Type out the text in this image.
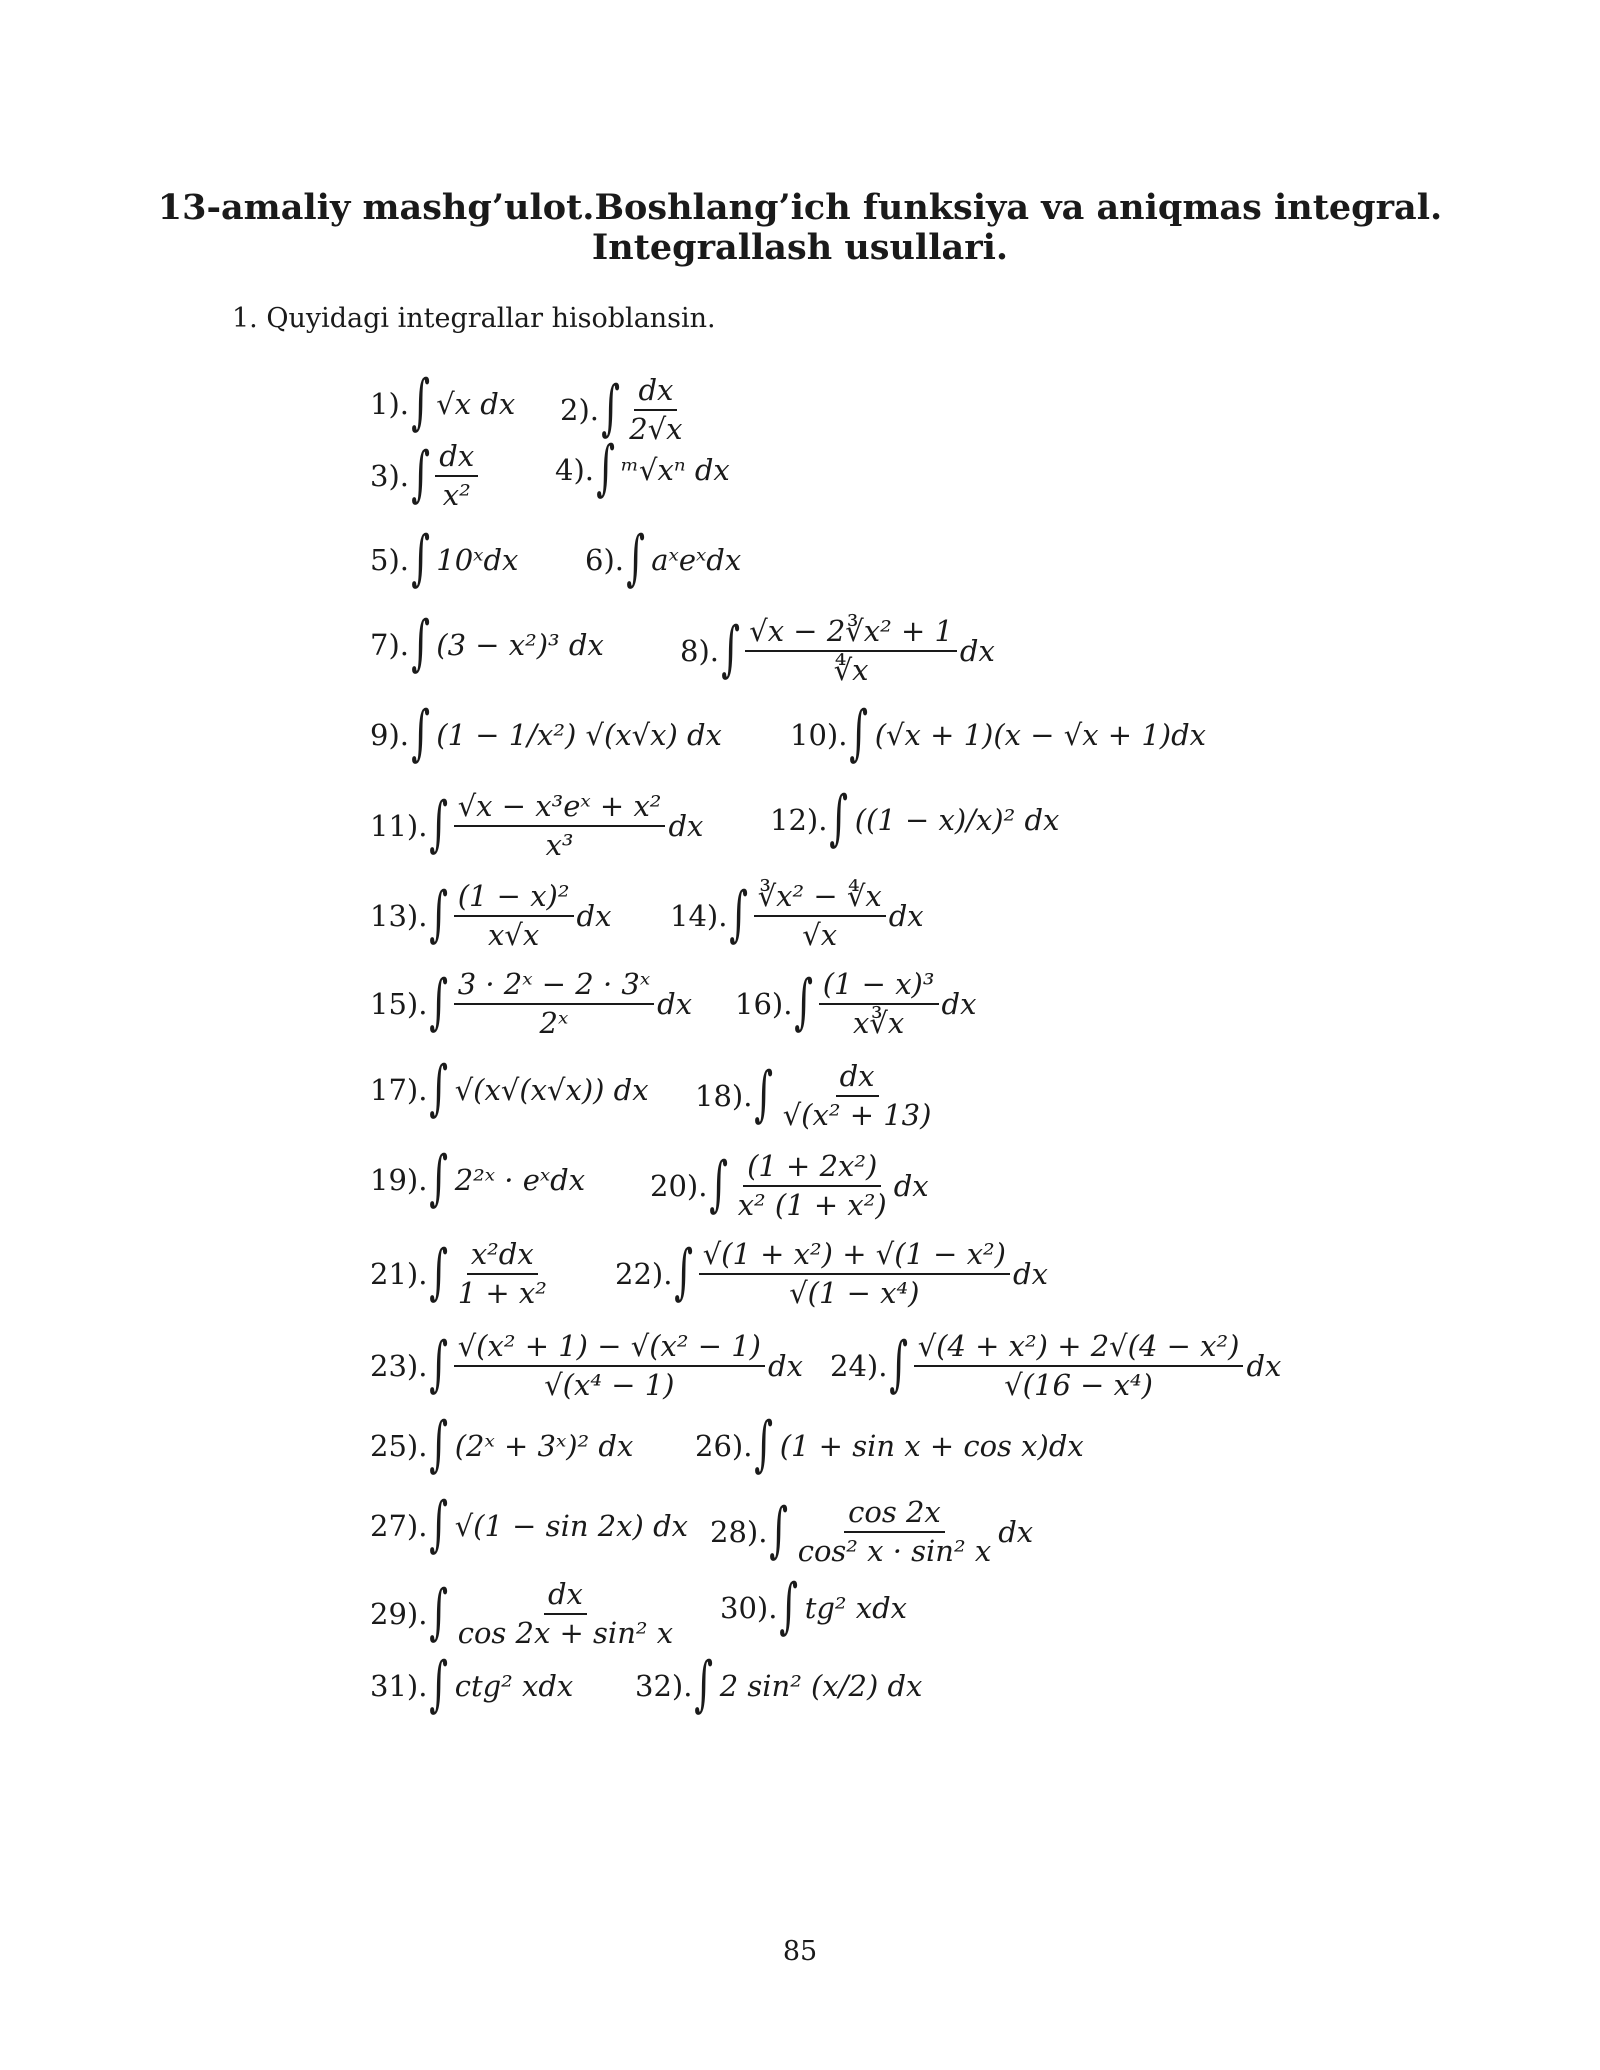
13-amaliy mashg’ulot.Boshlang’ich funksiya va aniqmas integral.
Integrallash usullari.
1. Quyidagi integrallar hisoblansin.
1). ∫ √x dx 2). ∫ $\frac{dx}{2√x}$
3). ∫ $\frac{dx}{\text{x²}}$	4). ∫ ᵐ√xⁿ dx
5). ∫ 10ˣdx 6). ∫ aˣeˣdx
7). ∫ (3 − x²)³ dx	8). ∫ $\frac{\text{√x − 2∛x² + 1}}{∜x}$ dx
9). ∫ (1 − 1/x²) √(x√x) dx 10). ∫ (√x + 1)(x − √x + 1)dx
11). ∫ $\frac{\text{√x − x³eˣ + x²}}{\text{x³}}$ dx 12). ∫ ((1 − x)/x)² dx
13). ∫ $\frac{\text{(1 − x)²}}{x√x}$ dx 14). ∫ $\frac{\text{∛x² − ∜x}}{√x}$ dx
15). ∫ $\frac{\text{3 · 2ˣ − 2 · 3ˣ}}{\text{2ˣ}}$ dx 16). ∫ $\frac{\text{(1 − x)³}}{x∛x}$ dx
17). ∫ √(x√(x√x)) dx 18). ∫ $\frac{dx}{\text{√(x² + 13)}}$
19). ∫ 2²ˣ · eˣdx 20). ∫ $\frac{\text{(1 + 2x²)}}{\text{x² (1 + x²)}}$ dx
21). ∫ $\frac{\text{x²dx}}{\text{1 + x²}} 22$). ∫ $\frac{\text{√(1 + x²) + √(1 − x²)}}{\text{√(1 − x⁴)}}$ dx
23). ∫ $\frac{\text{√(x² + 1) − √(x² − 1)}}{\text{√(x⁴ − 1)}}$ dx 24). ∫ $\frac{\text{√(4 + x²) + 2√(4 − x²)}}{\text{√(16 − x⁴)}}$ dx
25). ∫ (2ˣ + 3ˣ)² dx 26). ∫ (1 + sin x + cos x)dx
27). ∫ √(1 − sin 2x) dx 28). ∫ $\frac{\cos 2x}{\text{cos² x · sin² x}}$ dx
29). ∫ $\frac{dx}{\text{cos 2x + sin² x}} 30$). ∫ tg² xdx
31). ∫ ctg² xdx 32). ∫ 2 sin² (x/2) dx
85
